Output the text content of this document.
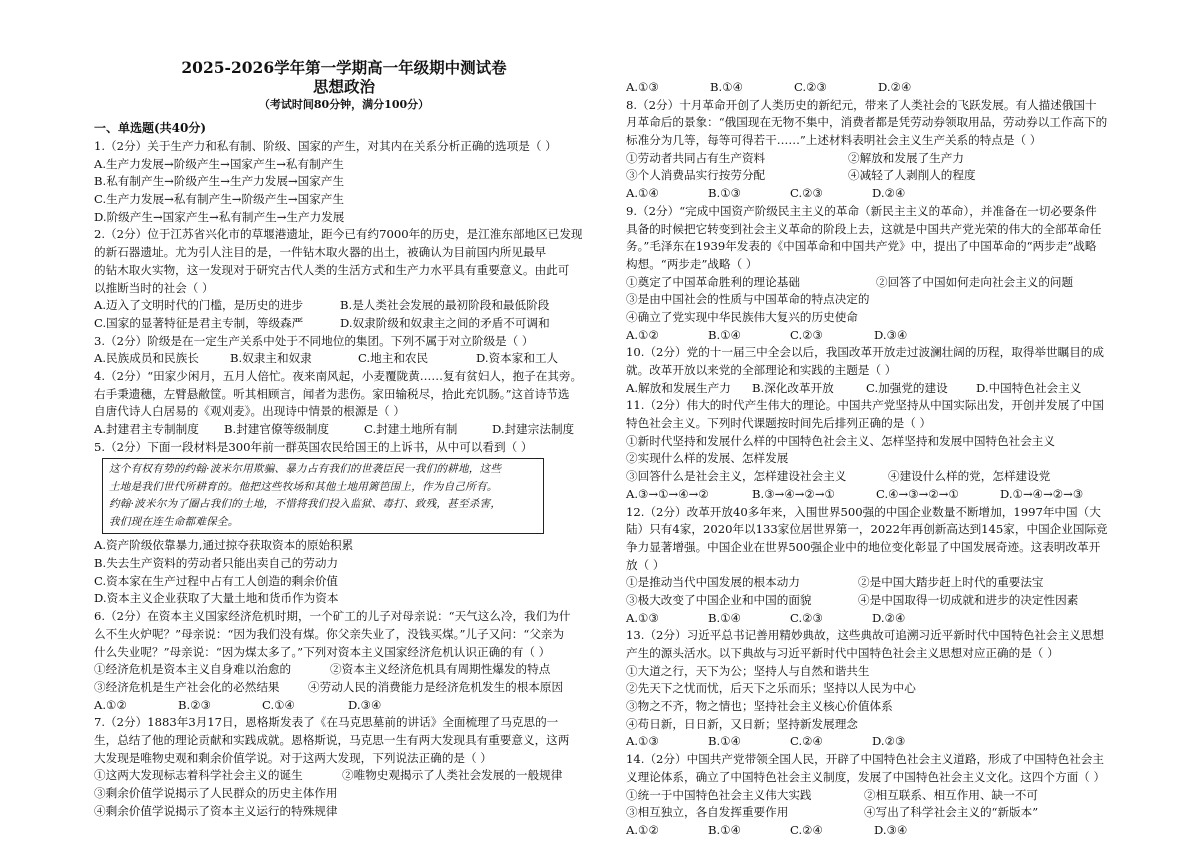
2025-2026学年第一学期高一年级期中测试卷
思想政治
（考试时间80分钟，满分100分）
一、单选题(共40分)
1.（2分）关于生产力和私有制、阶级、国家的产生，对其内在关系分析正确的选项是（ ）
A.生产力发展→阶级产生→国家产生→私有制产生
B.私有制产生→阶级产生→生产力发展→国家产生
C.生产力发展→私有制产生→阶级产生→国家产生
D.阶级产生→国家产生→私有制产生→生产力发展
2.（2分）位于江苏省兴化市的草堰港遗址，距今已有约7000年的历史，是江淮东部地区已发现
的新石器遗址。尤为引人注目的是，一件钻木取火器的出土，被确认为目前国内所见最早
的钻木取火实物，这一发现对于研究古代人类的生活方式和生产力水平具有重要意义。由此可
以推断当时的社会（ ）
A.迈入了文明时代的门槛，是历史的进步	B.是人类社会发展的最初阶段和最低阶段
C.国家的显著特征是君主专制，等级森严	D.奴隶阶级和奴隶主之间的矛盾不可调和
3.（2分）阶级是在一定生产关系中处于不同地位的集团。下列不属于对立阶级是（ ）
A.民族成员和民族长	B.奴隶主和奴隶	C.地主和农民	D.资本家和工人
4.（2分）“田家少闲月，五月人倍忙。夜来南风起，小麦覆陇黄……复有贫妇人，抱子在其旁。
右手秉遗穗，左臂悬敝筐。听其相顾言，闻者为悲伤。家田输税尽，拾此充饥肠。”这首诗节选
自唐代诗人白居易的《观刈麦》。出现诗中情景的根源是（ ）
A.封建君主专制制度	B.封建官僚等级制度	C.封建土地所有制	D.封建宗法制度
5.（2分）下面一段材料是300年前一群英国农民给国王的上诉书，从中可以看到（ ）
这个有权有势的约翰·波米尔用欺骗、暴力占有我们的世袭臣民一我们的耕地，这些
土地是我们世代所耕育的。他把这些牧场和其他土地用篱笆围上，作为自己所有。
约翰·波米尔为了圈占我们的土地，不惜将我们投入监狱、毒打、致残，甚至杀害，
我们现在连生命都难保全。
A.资产阶级依靠暴力,通过掠夺获取资本的原始积累
B.失去生产资料的劳动者只能出卖自己的劳动力
C.资本家在生产过程中占有工人创造的剩余价值
D.资本主义企业获取了大量土地和货币作为资本
6.（2分）在资本主义国家经济危机时期，一个矿工的儿子对母亲说：“天气这么冷，我们为什
么不生火炉呢？”母亲说：“因为我们没有煤。你父亲失业了，没钱买煤。”儿子又问：“父亲为
什么失业呢？”母亲说：“因为煤太多了。”下列对资本主义国家经济危机认识正确的有（ ）
①经济危机是资本主义自身难以治愈的	②资本主义经济危机具有周期性爆发的特点
③经济危机是生产社会化的必然结果	④劳动人民的消费能力是经济危机发生的根本原因
A.①②	B.②③	C.①④	D.③④
7.（2分）1883年3月17日，恩格斯发表了《在马克思墓前的讲话》全面梳理了马克思的一
生，总结了他的理论贡献和实践成就。恩格斯说，马克思一生有两大发现具有重要意义，这两
大发现是唯物史观和剩余价值学说。对于这两大发现，下列说法正确的是（ ）
①这两大发现标志着科学社会主义的诞生	②唯物史观揭示了人类社会发展的一般规律
③剩余价值学说揭示了人民群众的历史主体作用
④剩余价值学说揭示了资本主义运行的特殊规律
A.①③	B.①④	C.②③	D.②④
8.（2分）十月革命开创了人类历史的新纪元，带来了人类社会的飞跃发展。有人描述俄国十
月革命后的景象：“俄国现在无物不集中，消费者都是凭劳动券领取用品，劳动券以工作高下的
标准分为几等，每等可得若干……”上述材料表明社会主义生产关系的特点是（ ）
①劳动者共同占有生产资料	②解放和发展了生产力
③个人消费品实行按劳分配	④减轻了人剥削人的程度
A.①④	B.①③	C.②③	D.②④
9.（2分）“完成中国资产阶级民主主义的革命（新民主主义的革命），并准备在一切必要条件
具备的时候把它转变到社会主义革命的阶段上去，这就是中国共产党光荣的伟大的全部革命任
务。”毛泽东在1939年发表的《中国革命和中国共产党》中，提出了中国革命的“两步走”战略
构想。“两步走”战略（ ）
①奠定了中国革命胜利的理论基础	②回答了中国如何走向社会主义的问题
③是由中国社会的性质与中国革命的特点决定的
④确立了党实现中华民族伟大复兴的历史使命
A.①②	B.①④	C.②③	D.③④
10.（2分）党的十一届三中全会以后，我国改革开放走过波澜壮阔的历程，取得举世瞩目的成
就。改革开放以来党的全部理论和实践的主题是（ ）
A.解放和发展生产力	B.深化改革开放	C.加强党的建设	D.中国特色社会主义
11.（2分）伟大的时代产生伟大的理论。中国共产党坚持从中国实际出发，开创并发展了中国
特色社会主义。下列时代课题按时间先后排列正确的是（ ）
①新时代坚持和发展什么样的中国特色社会主义、怎样坚持和发展中国特色社会主义
②实现什么样的发展、怎样发展
③回答什么是社会主义，怎样建设社会主义	④建设什么样的党，怎样建设党
A.③→①→④→②	B.③→④→②→①	C.④→③→②→①	D.①→④→②→③
12.（2分）改革开放40多年来，入围世界500强的中国企业数量不断增加，1997年中国（大
陆）只有4家，2020年以133家位居世界第一，2022年再创新高达到145家，中国企业国际竞
争力显著增强。中国企业在世界500强企业中的地位变化彰显了中国发展奇迹。这表明改革开
放（ ）
①是推动当代中国发展的根本动力	②是中国大踏步赶上时代的重要法宝
③极大改变了中国企业和中国的面貌	④是中国取得一切成就和进步的决定性因素
A.①③	B.①④	C.②③	D.②④
13.（2分）习近平总书记善用精妙典故，这些典故可追溯习近平新时代中国特色社会主义思想
产生的源头活水。以下典故与习近平新时代中国特色社会主义思想对应正确的是（ ）
①大道之行，天下为公；坚持人与自然和谐共生
②先天下之忧而忧，后天下之乐而乐；坚持以人民为中心
③物之不齐，物之情也；坚持社会主义核心价值体系
④苟日新，日日新，又日新；坚持新发展理念
A.①③	B.①④	C.②④	D.②③
14.（2分）中国共产党带领全国人民，开辟了中国特色社会主义道路，形成了中国特色社会主
义理论体系，确立了中国特色社会主义制度，发展了中国特色社会主义文化。这四个方面（ ）
①统一于中国特色社会主义伟大实践	②相互联系、相互作用、缺一不可
③相互独立，各自发挥重要作用	④写出了科学社会主义的“新版本”
A.①②	B.①④	C.②④	D.③④
